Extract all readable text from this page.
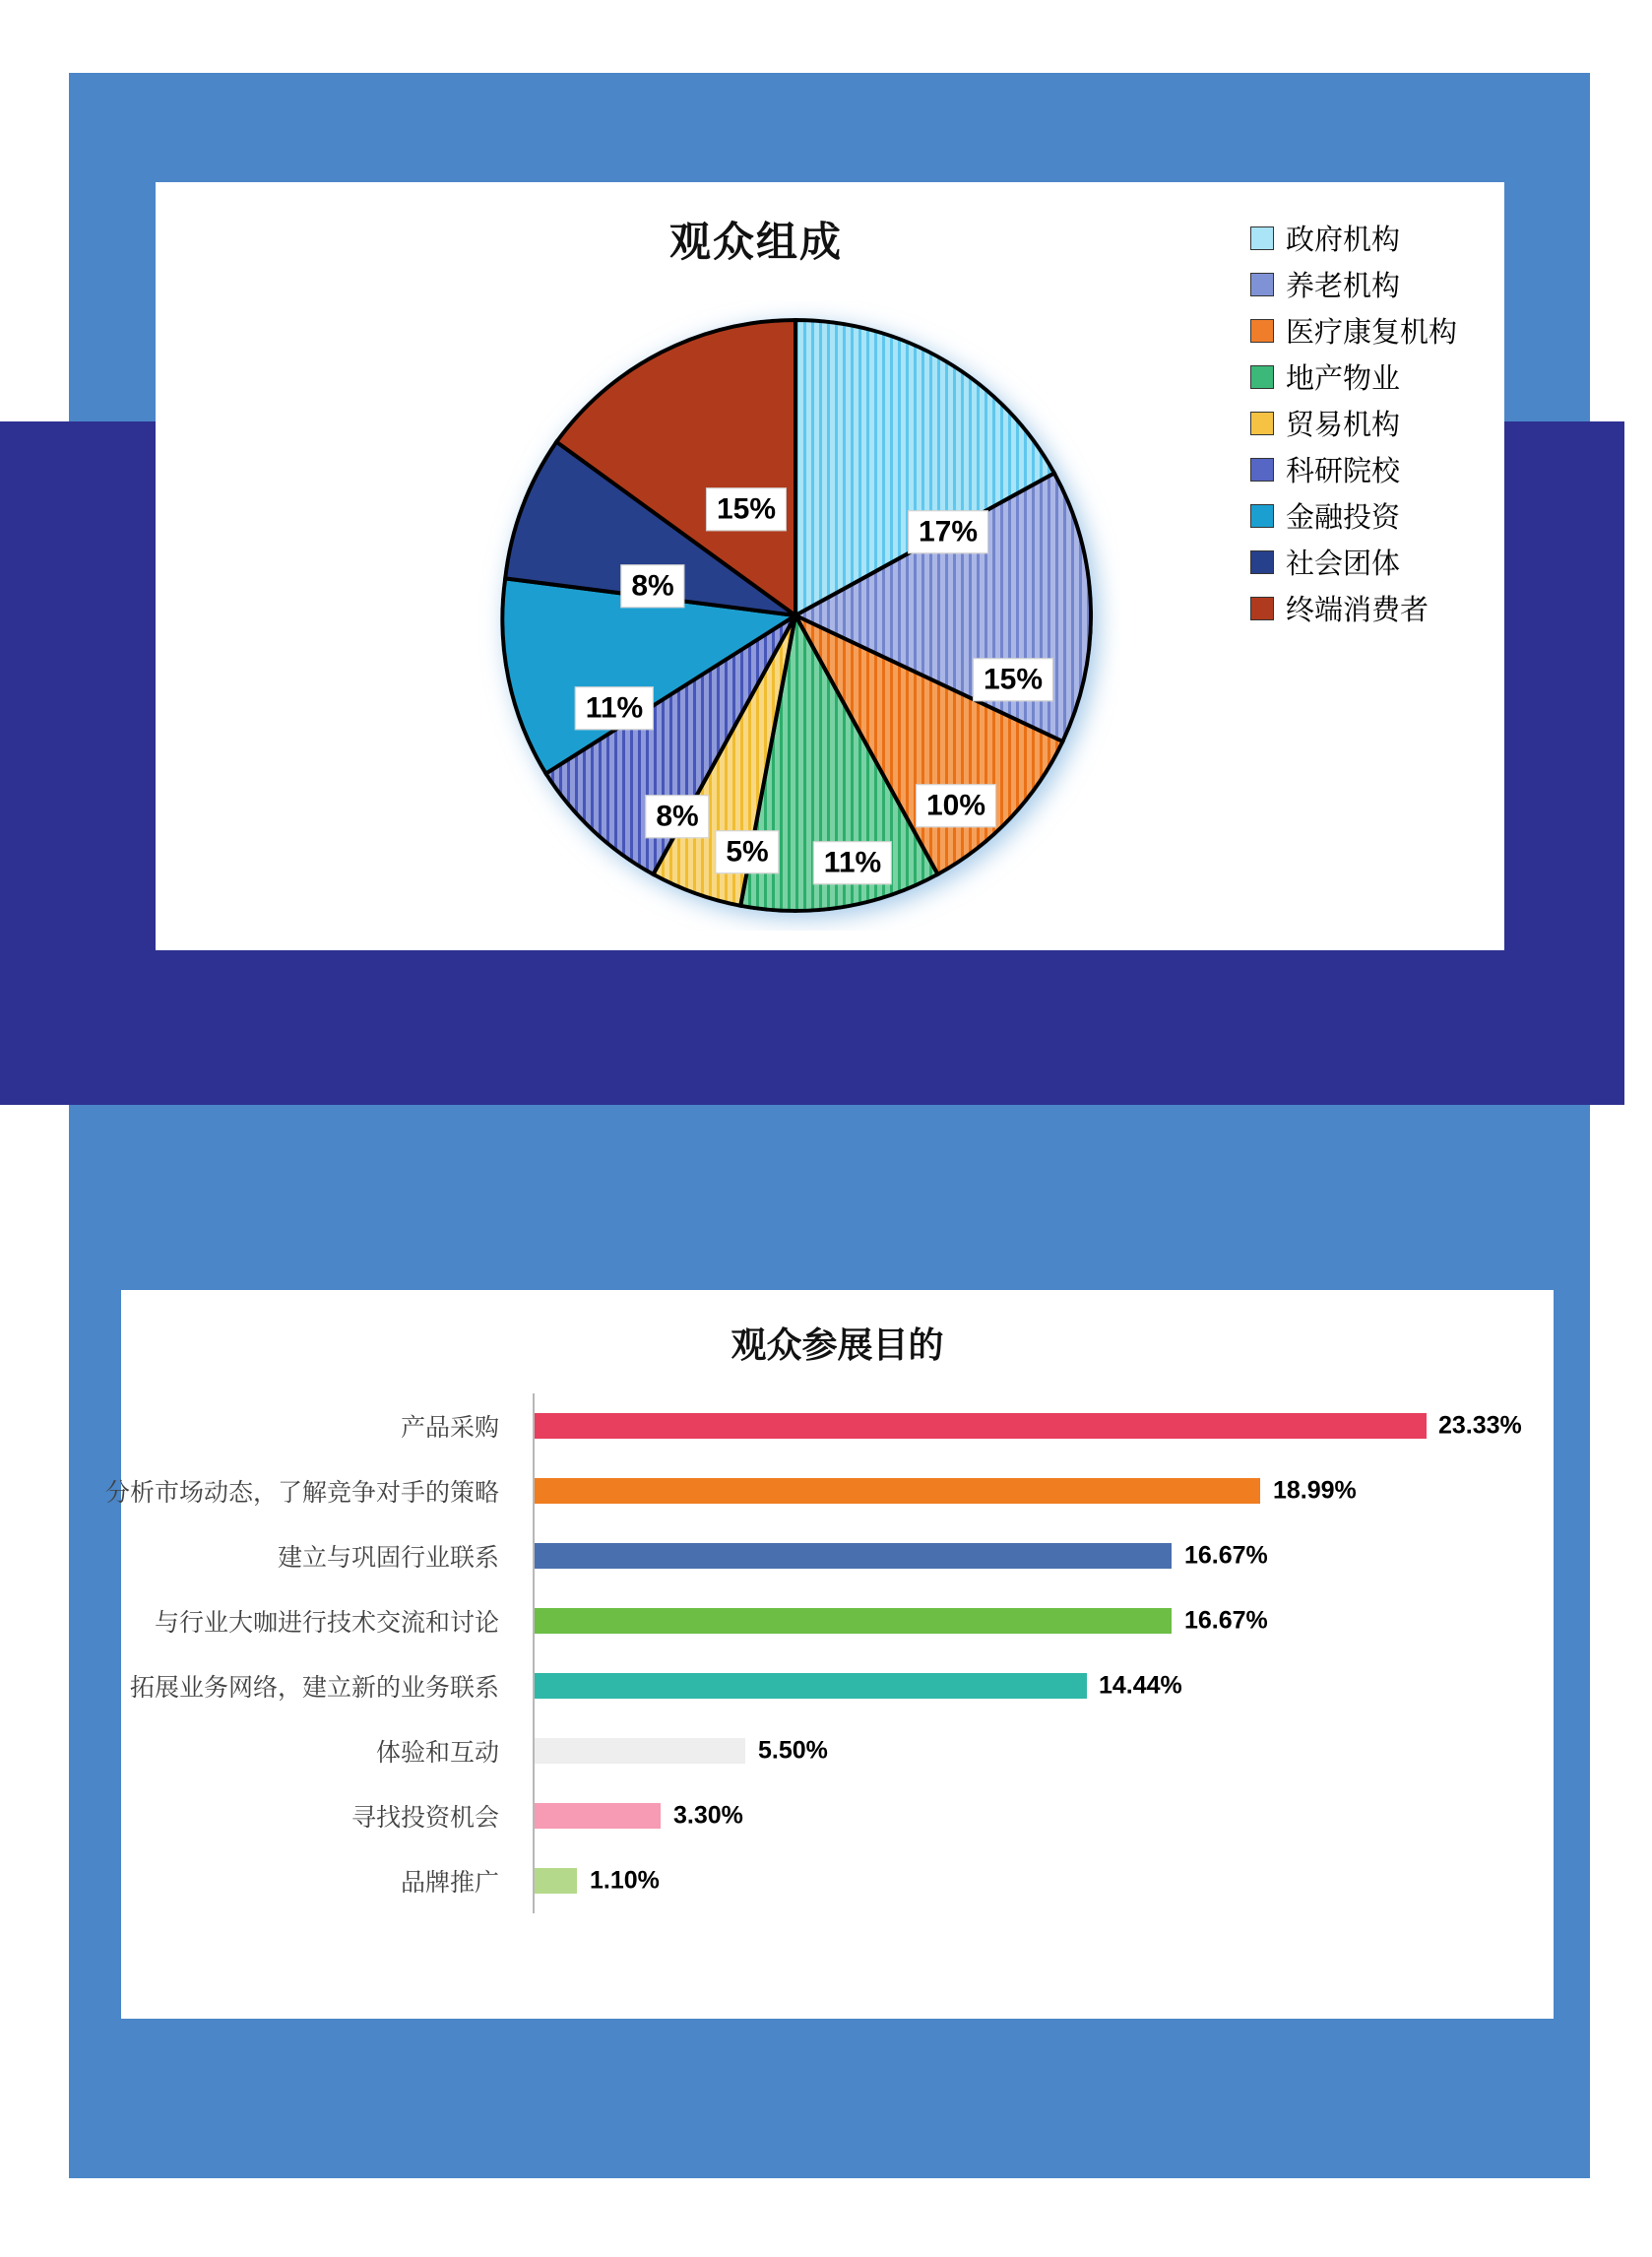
观众组成
17%
15%
10%
11%
5%
8%
11%
8%
15%
政府机构
养老机构
医疗康复机构
地产物业
贸易机构
科研院校
金融投资
社会团体
终端消费者
观众参展目的
产品采购	23.33%
分析市场动态，了解竞争对手的策略	18.99%
建立与巩固行业联系	16.67%
与行业大咖进行技术交流和讨论	16.67%
拓展业务网络，建立新的业务联系	14.44%
体验和互动	5.50%
寻找投资机会	3.30%
品牌推广	1.10%
